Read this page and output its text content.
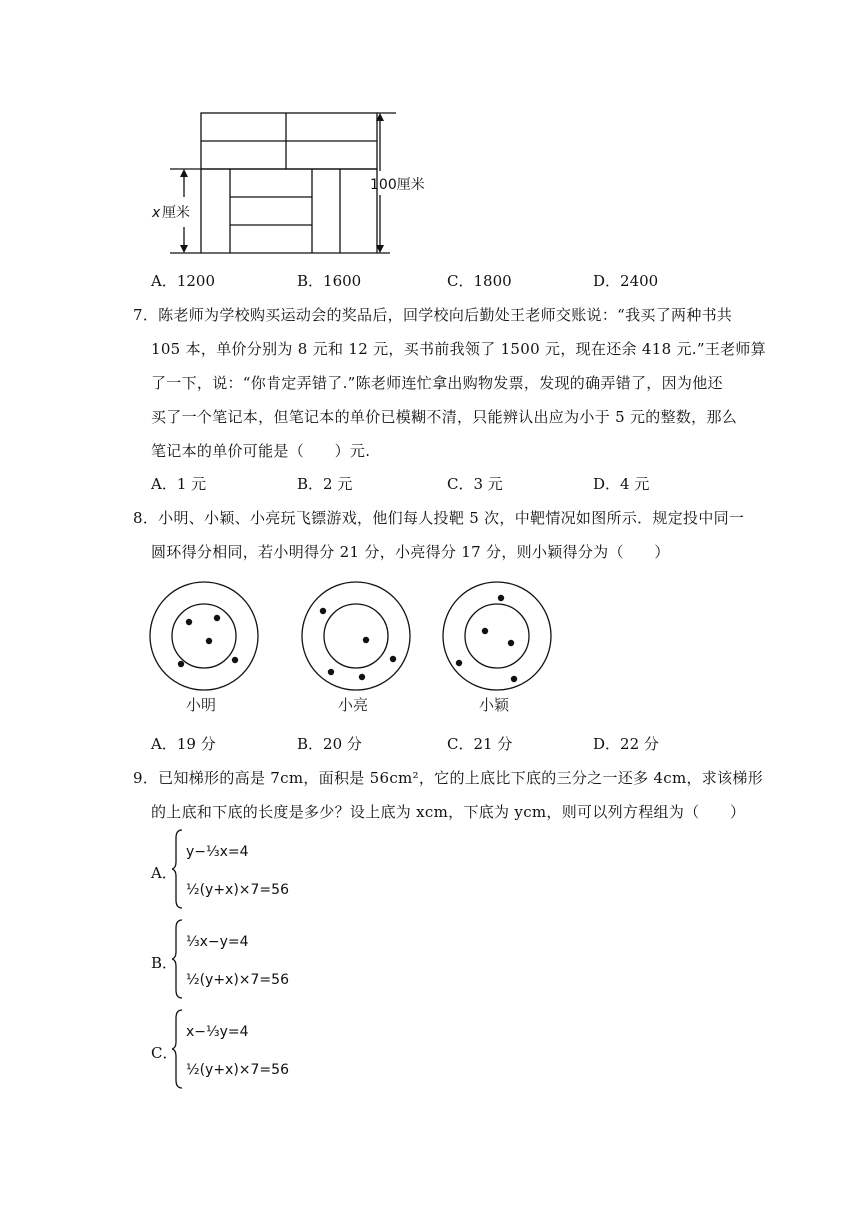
100厘米
x 厘米
A．1200	B．1600	C．1800	D．2400
7．陈老师为学校购买运动会的奖品后，回学校向后勤处王老师交账说：“我买了两种书共
105 本，单价分别为 8 元和 12 元，买书前我领了 1500 元，现在还余 418 元.”王老师算
了一下，说：“你肯定弄错了.”陈老师连忙拿出购物发票，发现的确弄错了，因为他还
买了一个笔记本，但笔记本的单价已模糊不清，只能辨认出应为小于 5 元的整数，那么
笔记本的单价可能是（　　）元.
A．1 元	B．2 元	C．3 元	D．4 元
8．小明、小颖、小亮玩飞镖游戏，他们每人投靶 5 次，中靶情况如图所示．规定投中同一
圆环得分相同，若小明得分 21 分，小亮得分 17 分，则小颖得分为（　　）
小明	小亮	小颖
A．19 分	B．20 分	C．21 分	D．22 分
9．已知梯形的高是 7cm，面积是 56cm²，它的上底比下底的三分之一还多 4cm，求该梯形
的上底和下底的长度是多少？设上底为 xcm，下底为 ycm，则可以列方程组为（　　）
A．
y−⅓x=4
½(y+x)×7=56
B．
⅓x−y=4
½(y+x)×7=56
C．
x−⅓y=4
½(y+x)×7=56
